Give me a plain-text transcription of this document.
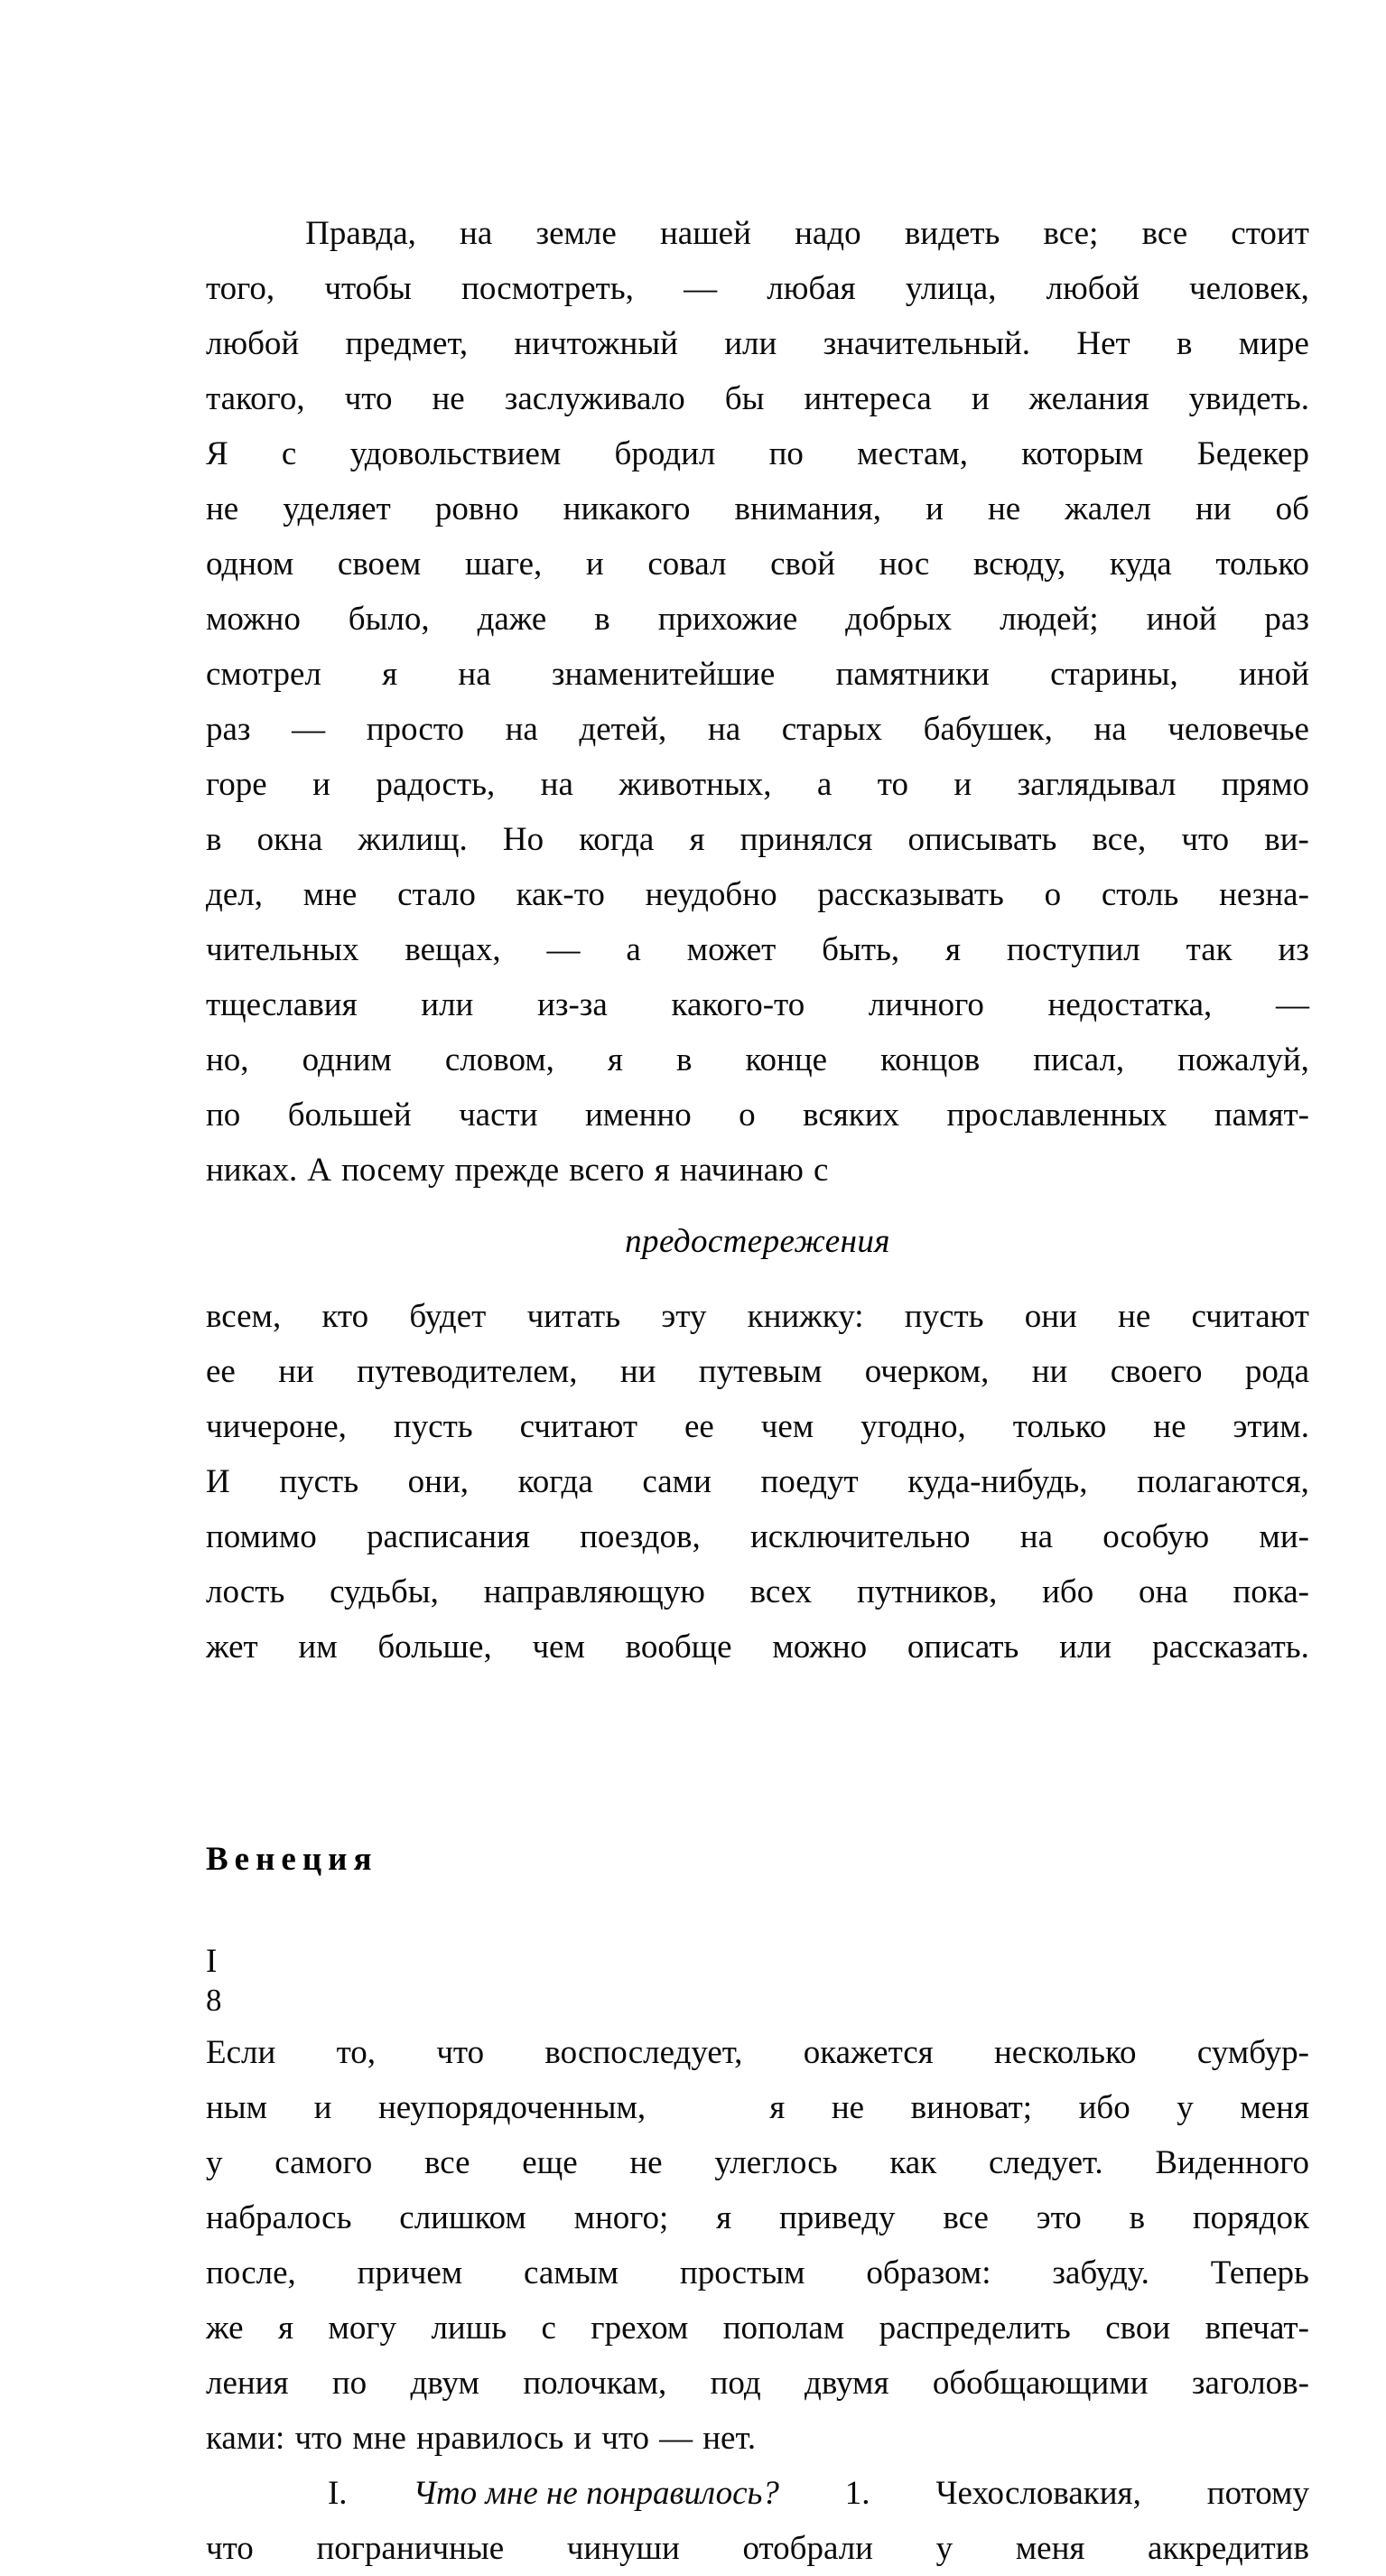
Правда, на земле нашей надо видеть все; все стоит
того, чтобы посмотреть, — любая улица, любой человек,
любой предмет, ничтожный или значительный. Нет в мире
такого, что не заслуживало бы интереса и желания увидеть.
Я с удовольствием бродил по местам, которым Бедекер
не уделяет ровно никакого внимания, и не жалел ни об
одном своем шаге, и совал свой нос всюду, куда только
можно было, даже в прихожие добрых людей; иной раз
смотрел я на знаменитейшие памятники старины, иной
раз — просто на детей, на старых бабушек, на человечье
горе и радость, на животных, а то и заглядывал прямо
в окна жилищ. Но когда я принялся описывать все, что ви-
дел, мне стало как-то неудобно рассказывать о столь незна-
чительных вещах, — а может быть, я поступил так из
тщеславия или из-за какого-то личного недостатка, —
но, одним словом, я в конце концов писал, пожалуй,
по большей части именно о всяких прославленных памят-
никах. А посему прежде всего я начинаю с
предостережения
всем, кто будет читать эту книжку: пусть они не считают
ее ни путеводителем, ни путевым очерком, ни своего рода
чичероне, пусть считают ее чем угодно, только не этим.
И пусть они, когда сами поедут куда-нибудь, полагаются,
помимо расписания поездов, исключительно на особую ми-
лость судьбы, направляющую всех путников, ибо она пока-
жет им больше, чем вообще можно описать или рассказать.
Венеция
I
Если то, что воспоследует, окажется несколько сумбур-
ным и неупорядоченным,	я не виноват; ибо у меня
у самого все еще не улеглось как следует. Виденного
набралось слишком много; я приведу все это в порядок
после, причем самым простым образом: забуду. Теперь
же я могу лишь с грехом пополам распределить свои впечат-
ления по двум полочкам, под двумя обобщающими заголов-
ками: что мне нравилось и что — нет.
I. Что мне не понравилось? 1. Чехословакия, потому
что пограничные чинуши отобрали у меня аккредитив
8
